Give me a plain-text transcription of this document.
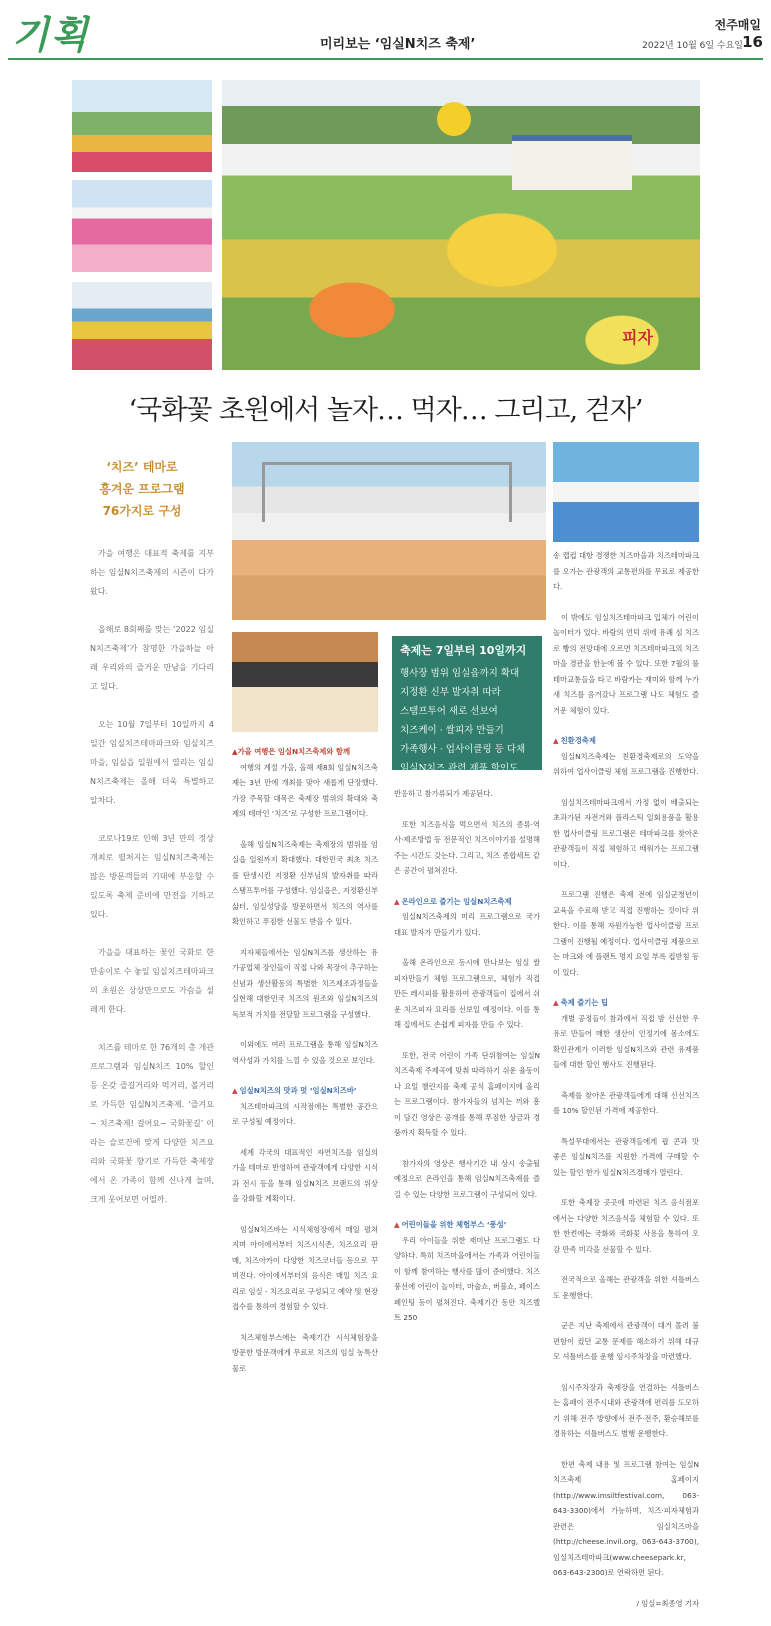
기획	미리보는 ‘임실N치즈 축제’
전주매일
2022년 10월 6일 수요일 16
피자
‘국화꽃 초원에서 놀자… 먹자… 그리고, 걷자’
‘치즈’ 테마로
흥겨운 프로그램
76가지로 구성
축제는 7일부터 10일까지
행사장 범위 임실읍까지 확대
지정환 신부 발자취 따라
스탬프투어 새로 선보여
치즈케이 · 쌀피자 만들기
가족행사 · 업사이클링 등 다채
임실N치즈 관련 제품 할인도

가을 여행은 대표적 축제를 지부하는 임실N치즈축제의 시즌이 다가왔다.

올해로 8회째를 맞는 ‘2022 임실N치즈축제’가 참명한 가을하늘 아래 우리와의 즐거운 만남을 기다리고 있다.

오는 10월 7일부터 10일까지 4일간 임실치즈테마파크와 임실치즈마을, 임실읍 일원에서 열리는 임실N치즈축제는 올해 더욱 특별하고 알차다.

코로나19로 인해 3년 만의 정상개최로 펼쳐지는 임실N치즈축제는 많은 방문객들의 기대에 부응할 수 있도록 축제 준비에 만전을 기하고 있다.

가을을 대표하는 꽃인 국화로 한 만송이로 수 놓일 임실치즈테마파크의 초원은 상상만으로도 가슴을 설레게 한다.

치즈를 테마로 한 76개의 총 개관 프로그램과 임실N치즈 10% 할인 등 온갖 즐길거리와 먹거리, 볼거리로 가득한 임실N치즈축제. ‘즐겨요~ 치즈축제! 걸어요~ 국화꽃길’ 이라는 슬로건에 맞게 다양한 치즈요리와 국화꽃 향기로 가득한 축제장에서 온 가족이 함께 신나게 놀며, 크게 웃어보면 어떨까.

▲가을 여행은 임실N치즈축제와 함께

여행의 계절 가을, 올해 제8회 임실N치즈축제는 3년 만에 개최를 맞아 새롭게 단장했다. 가장 주목할 대목은 축제장 범위의 확대와 축제의 테마인 ‘치즈’로 구성한 프로그램이다.

올해 임실N치즈축제는 축제장의 범위를 임실읍 일원까지 확대했다. 대한민국 최초 치즈를 탄생시킨 지정환 신부님의 발자취를 따라 스탬프투어를 구성했다. 임실읍은, 지정환신부 삶터, 임실성당을 방문하면서 치즈의 역사를 확인하고 푸짐한 선물도 받을 수 있다.

지자체들에서는 임실N치즈를 생산하는 유가공업체 장인들이 직접 나와 목장이 추구하는 신념과 생산활동의 특별한 치즈제조과정들을 실현해 대한민국 치즈의 원조와 임실N치즈의 독보적 가치를 전달할 프로그램을 구성했다.

이외에도 여러 프로그램을 통해 임실N치즈 역사성과 가치를 느낄 수 있을 것으로 보인다.

▲ 임실N치즈의 맛과 멋 ‘임실N치즈바’

치즈테마파크의 시작점에는 특별한 공간으로 구성될 예정이다.

세계 각국의 대표적인 자연치즈를 임실의 가을 테마로 반영하여 관광객에게 다양한 시식과 전시 등을 통해 임실N치즈 브랜드의 위상을 강화할 계획이다.

임실N치즈바는 시식체험장에서 매일 펼쳐지며 아이에서부터 치즈시식존, 치즈요리 판매, 치즈아카이 다양한 치즈코너들 등으로 꾸며진다. 아이에서부터의 음식은 매일 치즈 요리로 임실 - 치즈요리로 구성되고 예약 및 현장접수를 통하여 경험할 수 있다.

치즈체험부스에는 축제기간 시식체험장을 방문한 방문객에게 무료로 치즈의 임실 농특산물로

반응하고 참가류되가 제공된다.

또한 치즈음식을 먹으면서 치즈의 종류·역사·제조방법 등 전문적인 치즈이야기를 설명해주는 시간도 갖는다. 그리고, 치즈 종합세트 같은 공간이 펼쳐진다.

▲ 온라인으로 즐기는 임실N치즈축제

임실N치즈축제의 미리 프로그램으로 국가대표 발자가 만들기가 있다.

올해 온라인으로 동시에 만나보는 임실 쌀피자만들기 체험 프로그램으로, 체험가 직접 만든 레시피를 활용하여 관광객들이 집에서 쉬운 치즈피자 요리를 선보일 예정이다. 이를 통해 집에서도 손쉽게 피자를 만들 수 있다.

또한, 전국 어린이 가족 단위참여는 임실N치즈축제 주제곡에 맞춰 따라하기 쉬운 율동이나 요일 챌린지를 축제 공식 홈페이지에 올리는 프로그램이다. 참가자들의 넘치는 끼와 흥이 담긴 영상은 공개를 통해 푸짐한 상금과 경품까지 획득할 수 있다.

참가자의 영상은 행사기간 내 상시 송출될 예정으로 온라인을 통해 임실N치즈축제를 즐길 수 있는 다양한 프로그램이 구성되어 있다.

▲ 어린이들을 위한 체험부스 ‘풍성’

우리 아이들을 위한 재미난 프로그램도 다양하다. 특히 치즈마을에서는 가족과 어린이들이 함께 참여하는 행사를 많이 준비했다. 치즈풍선에 어린이 놀이터, 마술쇼, 버블쇼, 페이스페인팅 등이 펼쳐진다. 축제기간 동안 치즈벨트 250

송 캡컵 대항 경쟁한 치즈마을과 치즈테마파크를 오가는 관광객의 교통편의를 무료로 제공한다.

이 밖에도 임실치즈테마파크 입체가 어린이 놀이터가 있다. 바람의 언덕 위에 유쾌 섬 치즈로 빵의 전망대에 오르면 치즈테마파크의 치즈마을 경관을 한눈에 볼 수 있다. 또한 7월의 풀테마교통들을 타고 바람카는 재미와 함께 누가 새 치즈를 음겨갔나 프로그램 나도 체험도 즐거운 체험이 있다.

▲ 친환경축제

임실N치즈축제는 친환경축제로의 도약을 위하여 업사이클링 체험 프로그램을 진행한다.

임실치즈테마파크에서 가정 없이 배출되는 초과가된 자전거와 플라스틱 일회용품을 활용한 업사이클링 프로그램은 테마파크를 찾아온 관광객들이 직접 체험하고 배워가는 프로그램이다.

프로그램 진행은 축제 전에 임실군청년이 교육을 수료해 받고 직접 진행하는 것이다 위한다. 이를 통해 자원가능한 업사이클링 프로그램이 진행될 예정이다. 업사이클링 제품으로는 마크와 에 플랜트 명지 요일 부록 컵받침 등이 있다.

▲ 축제 즐기는 팁

개별 공정들이 참과에서 직접 밤 신선한 우유로 만들어 매한 생산이 인정기에 몸소에도 확인관계가 이러한 임실N치즈와 관련 유제품들에 대한 할인 행사도 진행된다.

축제를 찾아온 관광객들에게 대해 신선치즈를 10% 할인된 가격에 제공한다.

특설무대에서는 관광객들에게 팝 콘과 맛 좋은 임실N치즈를 지원한 가격에 구매할 수 있는 할인 한가 임실N치즈경매가 열린다.

또한 축제장 곳곳에 마련된 치즈 음식점포에서는 다양한 치즈음식을 체험할 수 있다. 또한 한켠에는 국화와 국화꽃 사용을 통하여 오감 만족 미각을 선물할 수 있다.

전국적으로 올해는 관광객을 위한 셔틀버스도 운행한다.

군은 지난 축제에서 관광객이 대거 몰려 불편함이 컸던 교통 문제를 해소하기 위해 대규모 셔틀버스를 운행 임시주차장을 마련했다.

임시주차장과 축제장을 연결하는 셔틀버스는 홈페이 전주시내와 관광객에 편리를 도모하기 위해 전주 방향에서 전주·전주, 환승해보를 경유하는 셔틀버스도 별행 운행한다.

한편 축제 내용 및 프로그램 참여는 임실N치즈축제 홈페이지(http://www.imsiltfestival.com, 063-643-3300)에서 가능하며, 치즈·피자체험과 관련은 임실치즈마을(http://cheese.invil.org, 063-643-3700), 임실치즈테마파크(www.cheesepark.kr, 063-643-2300)로 연락하면 된다.

/ 임실=최종영 기자
